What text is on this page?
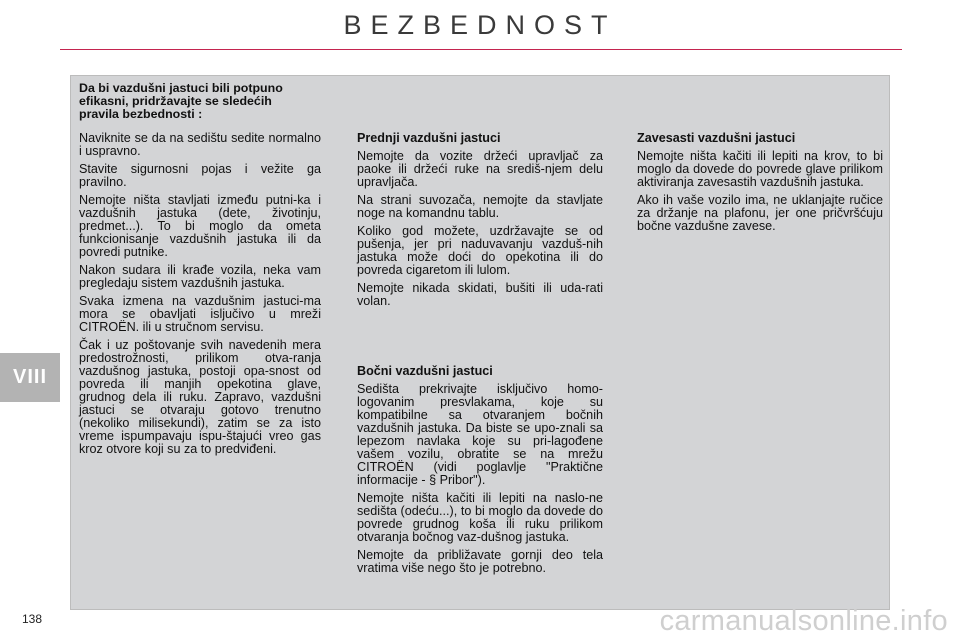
BEZBEDNOST
VIII

Da bi vazdušni jastuci bili potpuno efikasni, pridržavajte se sledećih pravila bezbednosti :

Naviknite se da na sedištu sedite normalno i uspravno.

Stavite sigurnosni pojas i vežite ga pravilno.

Nemojte ništa stavljati između putni-ka i vazdušnih jastuka (dete, životinju, predmet...). To bi moglo da ometa funkcionisanje vazdušnih jastuka ili da povredi putnike.

Nakon sudara ili krađe vozila, neka vam pregledaju sistem vazdušnih jastuka.

Svaka izmena na vazdušnim jastuci-ma mora se obavljati isljučivo u mreži CITROËN. ili u stručnom servisu.

Čak i uz poštovanje svih navedenih mera predostrožnosti, prilikom otva-ranja vazdušnog jastuka, postoji opa-snost od povreda ili manjih opekotina glave, grudnog dela ili ruku. Zapravo, vazdušni jastuci se otvaraju gotovo trenutno (nekoliko milisekundi), zatim se za isto vreme ispumpavaju ispu-štajući vreo gas kroz otvore koji su za to predviđeni.

Prednji vazdušni jastuci

Nemojte da vozite držeći upravljač za paoke ili držeći ruke na središ-njem delu upravljača.

Na strani suvozača, nemojte da stavljate noge na komandnu tablu.

Koliko god možete, uzdržavajte se od pušenja, jer pri naduvavanju vazduš-nih jastuka može doći do opekotina ili do povreda cigaretom ili lulom.

Nemojte nikada skidati, bušiti ili uda-rati volan.

Bočni vazdušni jastuci

Sedišta prekrivajte isključivo homo-logovanim presvlakama, koje su kompatibilne sa otvaranjem bočnih vazdušnih jastuka. Da biste se upo-znali sa lepezom navlaka koje su pri-lagođene vašem vozilu, obratite se na mrežu CITROËN (vidi poglavlje "Praktične informacije - § Pribor").

Nemojte ništa kačiti ili lepiti na naslo-ne sedišta (odeću...), to bi moglo da dovede do povrede grudnog koša ili ruku prilikom otvaranja bočnog vaz-dušnog jastuka.

Nemojte da približavate gornji deo tela vratima više nego što je potrebno.

Zavesasti vazdušni jastuci

Nemojte ništa kačiti ili lepiti na krov, to bi moglo da dovede do povrede glave prilikom aktiviranja zavesastih vazdušnih jastuka.

Ako ih vaše vozilo ima, ne uklanjajte ručice za držanje na plafonu, jer one pričvršćuju bočne vazdušne zavese.

138	carmanualsonline.info
